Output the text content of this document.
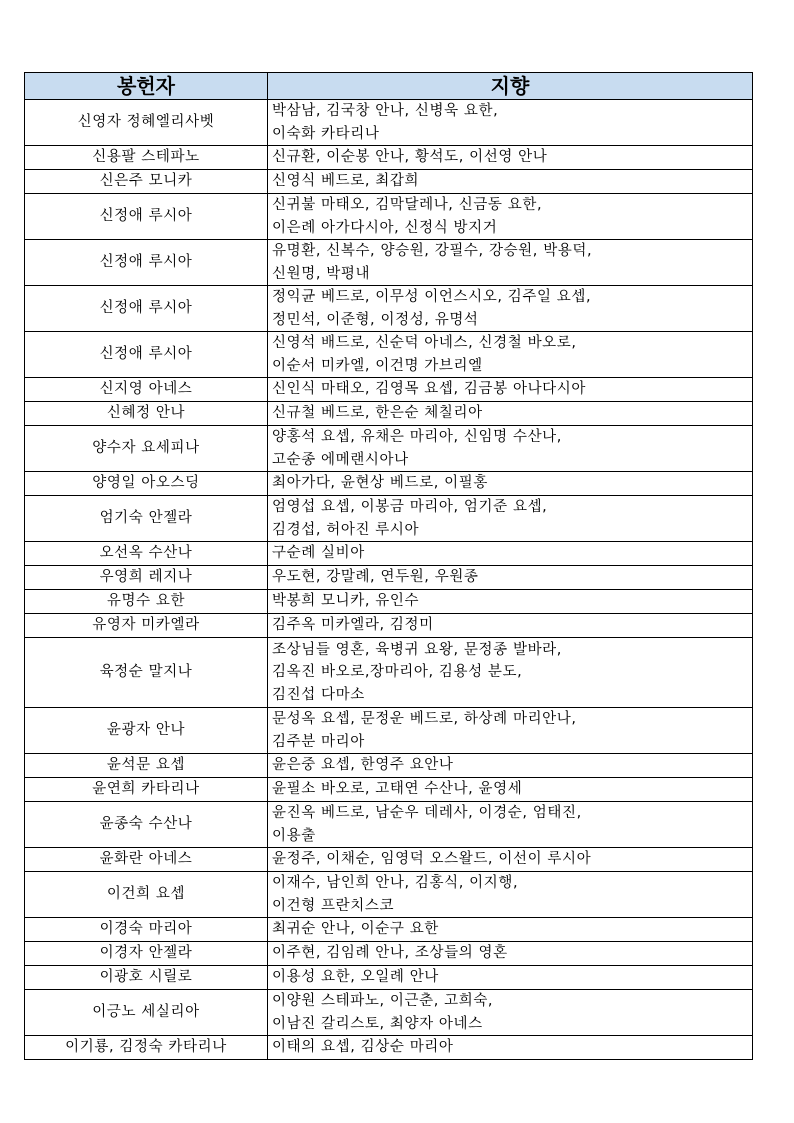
봉헌자	지향
신영자 정혜엘리사벳	박삼남, 김국창 안나, 신병욱 요한,
이숙화 카타리나

신용팔 스테파노	신규환, 이순봉 안나, 황석도, 이선영 안나

신은주 모니카	신영식 베드로, 최갑희

신정애 루시아	신귀불 마태오, 김막달레나, 신금동 요한,
이은례 아가다시아, 신정식 방지거

신정애 루시아	유명환, 신복수, 양승원, 강필수, 강승원, 박용덕,
신원명, 박평내

신정애 루시아	정익균 베드로, 이무성 이언스시오, 김주일 요셉,
정민석, 이준형, 이정성, 유명석

신정애 루시아	신영석 배드로, 신순덕 아네스, 신경철 바오로,
이순서 미카엘, 이건명 가브리엘

신지영 아네스	신인식 마태오, 김영목 요셉, 김금봉 아나다시아

신혜정 안나	신규철 베드로, 한은순 체칠리아

양수자 요세피나	양홍석 요셉, 유채은 마리아, 신임명 수산나,
고순종 에메랜시아나

양영일 아오스딩	최아가다, 윤현상 베드로, 이필홍

엄기숙 안젤라	엄영섭 요셉, 이봉금 마리아, 엄기준 요셉,
김경섭, 허아진 루시아

오선옥 수산나	구순례 실비아

우영희 레지나	우도현, 강말례, 연두원, 우원종

유명수 요한	박봉희 모니카, 유인수

유영자 미카엘라	김주옥 미카엘라, 김정미

육정순 말지나	조상님들 영혼, 육병귀 요왕, 문정종 발바라,
김옥진 바오로,장마리아, 김용성 분도,
김진섭 다마소

윤광자 안나	문성옥 요셉, 문정운 베드로, 하상례 마리안나,
김주분 마리아

윤석문 요셉	윤은중 요셉, 한영주 요안나

윤연희 카타리나	윤필소 바오로, 고태연 수산나, 윤영세

윤종숙 수산나	윤진옥 베드로, 남순우 데레사, 이경순, 엄태진,
이용출

윤화란 아네스	윤정주, 이채순, 임영덕 오스왈드, 이선이 루시아

이건희 요셉	이재수, 남인희 안나, 김홍식, 이지행,
이건형 프란치스코

이경숙 마리아	최귀순 안나, 이순구 요한

이경자 안젤라	이주현, 김임례 안나, 조상들의 영혼

이광호 시릴로	이용성 요한, 오일례 안나

이긍노 세실리아	이양원 스테파노, 이근춘, 고희숙,
이남진 갈리스토, 최양자 아네스

이기룡, 김정숙 카타리나	이태의 요셉, 김상순 마리아
